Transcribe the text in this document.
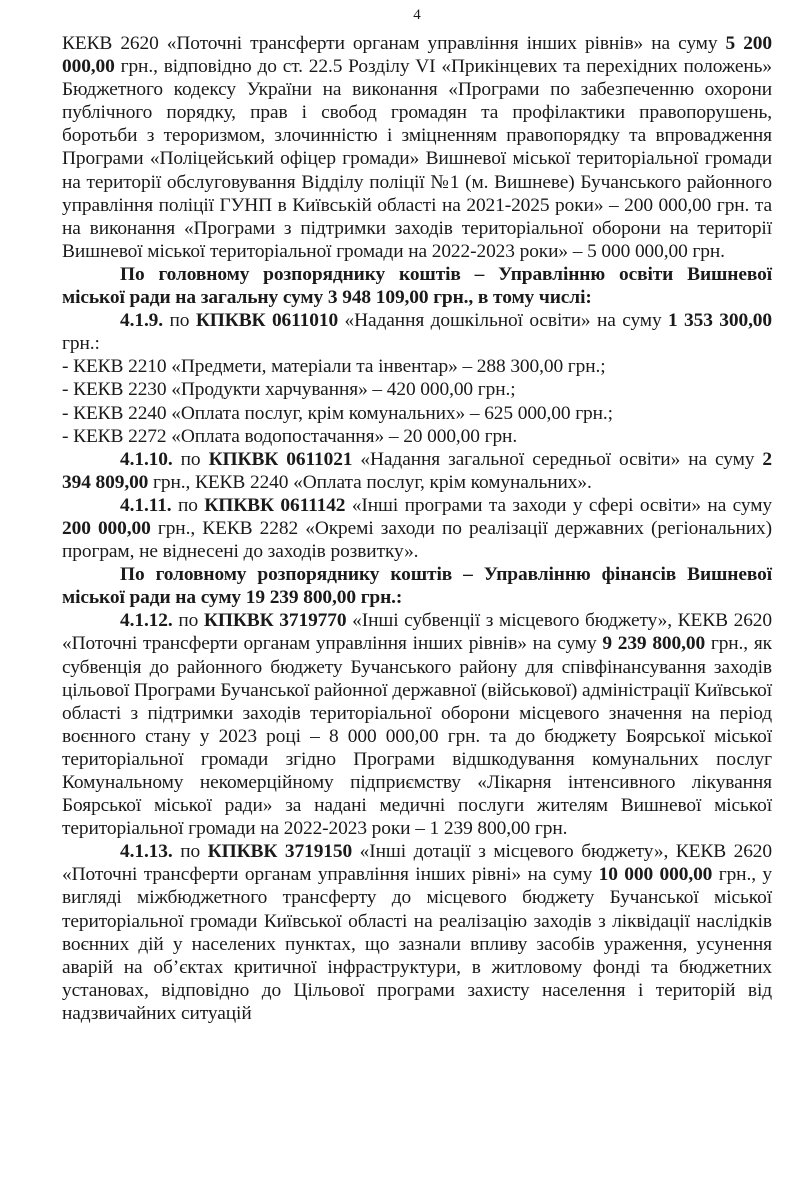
4

КЕКВ 2620 «Поточні трансферти органам управління інших рівнів» на суму 5 200 000,00 грн., відповідно до ст. 22.5 Розділу VI «Прикінцевих та перехідних положень» Бюджетного кодексу України на виконання «Програми по забезпеченню охорони публічного порядку, прав і свобод громадян та профілактики правопорушень, боротьби з тероризмом, злочинністю і зміцненням правопорядку та впровадження Програми «Поліцейський офіцер громади» Вишневої міської територіальної громади на території обслуговування Відділу поліції №1 (м. Вишневе) Бучанського районного управління поліції ГУНП в Київській області на 2021-2025 роки» – 200 000,00 грн. та на виконання «Програми з підтримки заходів територіальної оборони на території Вишневої міської територіальної громади на 2022-2023 роки» – 5 000 000,00 грн.

По головному розпоряднику коштів – Управлінню освіти Вишневої міської ради на загальну суму 3 948 109,00 грн., в тому числі:

4.1.9. по КПКВК 0611010 «Надання дошкільної освіти» на суму 1 353 300,00 грн.:

- КЕКВ 2210 «Предмети, матеріали та інвентар» – 288 300,00 грн.;

- КЕКВ 2230 «Продукти харчування» – 420 000,00 грн.;

- КЕКВ 2240 «Оплата послуг, крім комунальних» – 625 000,00 грн.;

- КЕКВ 2272 «Оплата водопостачання» – 20 000,00 грн.

4.1.10. по КПКВК 0611021 «Надання загальної середньої освіти» на суму 2 394 809,00 грн., КЕКВ 2240 «Оплата послуг, крім комунальних».

4.1.11. по КПКВК 0611142 «Інші програми та заходи у сфері освіти» на суму 200 000,00 грн., КЕКВ 2282 «Окремі заходи по реалізації державних (регіональних) програм, не віднесені до заходів розвитку».

По головному розпоряднику коштів – Управлінню фінансів Вишневої міської ради на суму 19 239 800,00 грн.:

4.1.12. по КПКВК 3719770 «Інші субвенції з місцевого бюджету», КЕКВ 2620 «Поточні трансферти органам управління інших рівнів» на суму 9 239 800,00 грн., як субвенція до районного бюджету Бучанського району для співфінансування заходів цільової Програми Бучанської районної державної (військової) адміністрації Київської області з підтримки заходів територіальної оборони місцевого значення на період воєнного стану у 2023 році – 8 000 000,00 грн. та до бюджету Боярської міської територіальної громади згідно Програми відшкодування комунальних послуг Комунальному некомерційному підприємству «Лікарня інтенсивного лікування Боярської міської ради» за надані медичні послуги жителям Вишневої міської територіальної громади на 2022-2023 роки – 1 239 800,00 грн.

4.1.13. по КПКВК 3719150 «Інші дотації з місцевого бюджету», КЕКВ 2620 «Поточні трансферти органам управління інших рівні» на суму 10 000 000,00 грн., у вигляді міжбюджетного трансферту до місцевого бюджету Бучанської міської територіальної громади Київської області на реалізацію заходів з ліквідації наслідків воєнних дій у населених пунктах, що зазнали впливу засобів ураження, усунення аварій на об’єктах критичної інфраструктури, в житловому фонді та бюджетних установах, відповідно до Цільової програми захисту населення і територій від надзвичайних ситуацій
